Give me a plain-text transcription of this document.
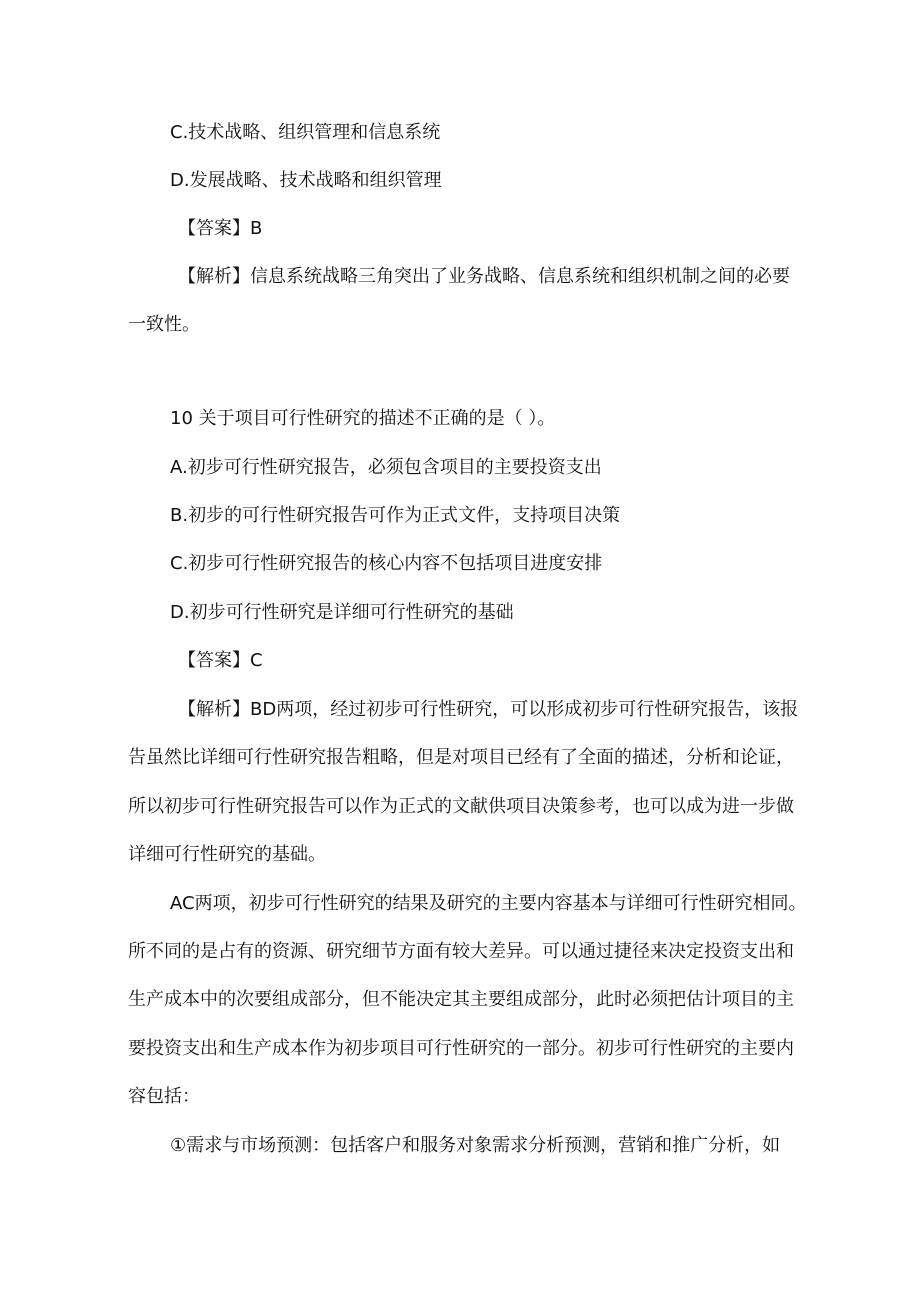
C.技术战略、组织管理和信息系统
D.发展战略、技术战略和组织管理
【答案】B
【解析】信息系统战略三角突出了业务战略、信息系统和组织机制之间的必要
一致性。
10 关于项目可行性研究的描述不正确的是（ ）。
A.初步可行性研究报告，必须包含项目的主要投资支出
B.初步的可行性研究报告可作为正式文件，支持项目决策
C.初步可行性研究报告的核心内容不包括项目进度安排
D.初步可行性研究是详细可行性研究的基础
【答案】C
【解析】BD两项，经过初步可行性研究，可以形成初步可行性研究报告，该报
告虽然比详细可行性研究报告粗略，但是对项目已经有了全面的描述，分析和论证，
所以初步可行性研究报告可以作为正式的文献供项目决策参考，也可以成为进一步做
详细可行性研究的基础。
AC两项，初步可行性研究的结果及研究的主要内容基本与详细可行性研究相同。
所不同的是占有的资源、研究细节方面有较大差异。可以通过捷径来决定投资支出和
生产成本中的次要组成部分，但不能决定其主要组成部分，此时必须把估计项目的主
要投资支出和生产成本作为初步项目可行性研究的一部分。初步可行性研究的主要内
容包括：
①需求与市场预测：包括客户和服务对象需求分析预测，营销和推广分析，如
